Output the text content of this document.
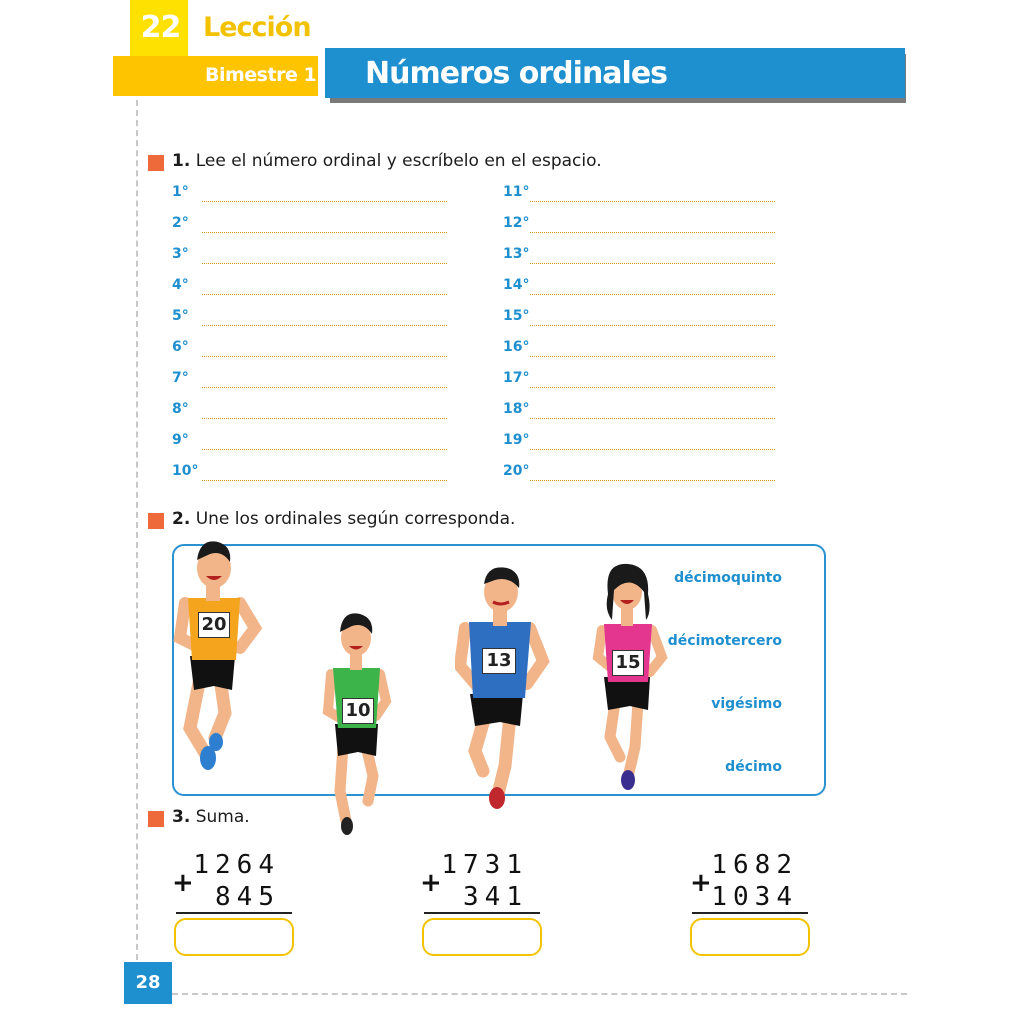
22 Lección
Bimestre 1 Números ordinales
28
1. Lee el número ordinal y escríbelo en el espacio.
1°
2°
3°
4°
5°
6°
7°
8°
9°
10°
11°
12°
13°
14°
15°
16°
17°
18°
19°
20°
2. Une los ordinales según corresponda.
décimoquinto
décimotercero
vigésimo
décimo
20
10
13	15
3. Suma.
1264
+ 845
1731
+ 341
1682
+ 1034
